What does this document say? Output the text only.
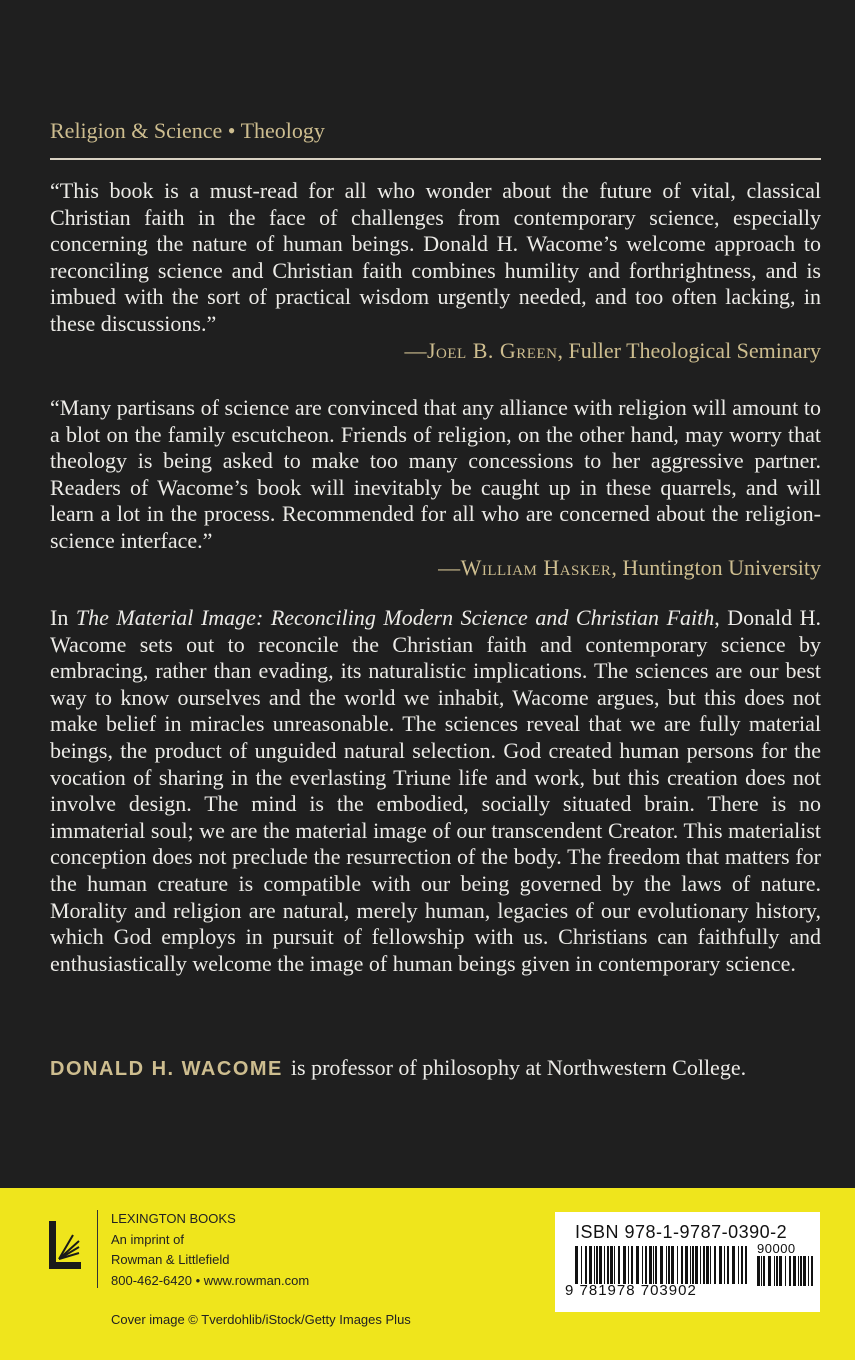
Religion & Science • Theology
“This book is a must-read for all who wonder about the future of vital, classical Christian faith in the face of challenges from contemporary science, especially concerning the nature of human beings. Donald H. Wacome’s welcome approach to reconciling science and Christian faith combines humility and forthrightness, and is imbued with the sort of practical wisdom urgently needed, and too often lacking, in these discussions.”
—Joel B. Green, Fuller Theological Seminary
“Many partisans of science are convinced that any alliance with religion will amount to a blot on the family escutcheon. Friends of religion, on the other hand, may worry that theology is being asked to make too many concessions to her aggressive partner. Readers of Wacome’s book will inevitably be caught up in these quarrels, and will learn a lot in the process. Recommended for all who are concerned about the religion-science interface.”
—William Hasker, Huntington University
In The Material Image: Reconciling Modern Science and Christian Faith, Donald H. Wacome sets out to reconcile the Christian faith and contemporary science by embracing, rather than evading, its naturalistic implications. The sciences are our best way to know ourselves and the world we inhabit, Wacome argues, but this does not make belief in miracles unreasonable. The sciences reveal that we are fully material beings, the product of unguided natural selection. God created human persons for the vocation of sharing in the everlasting Triune life and work, but this creation does not involve design. The mind is the embodied, socially situated brain. There is no immaterial soul; we are the material image of our transcendent Creator. This materialist conception does not preclude the resurrection of the body. The freedom that matters for the human creature is compatible with our being governed by the laws of nature. Morality and religion are natural, merely human, legacies of our evolutionary history, which God employs in pursuit of fellowship with us. Christians can faithfully and enthusiastically welcome the image of human beings given in contemporary science.
DONALD H. WACOME is professor of philosophy at Northwestern College.
LEXINGTON BOOKS
An imprint of
Rowman & Littlefield
800-462-6420 • www.rowman.com
Cover image © Tverdohlib/iStock/Getty Images Plus
ISBN 978-1-9787-0390-2
90000
9 781978 703902
